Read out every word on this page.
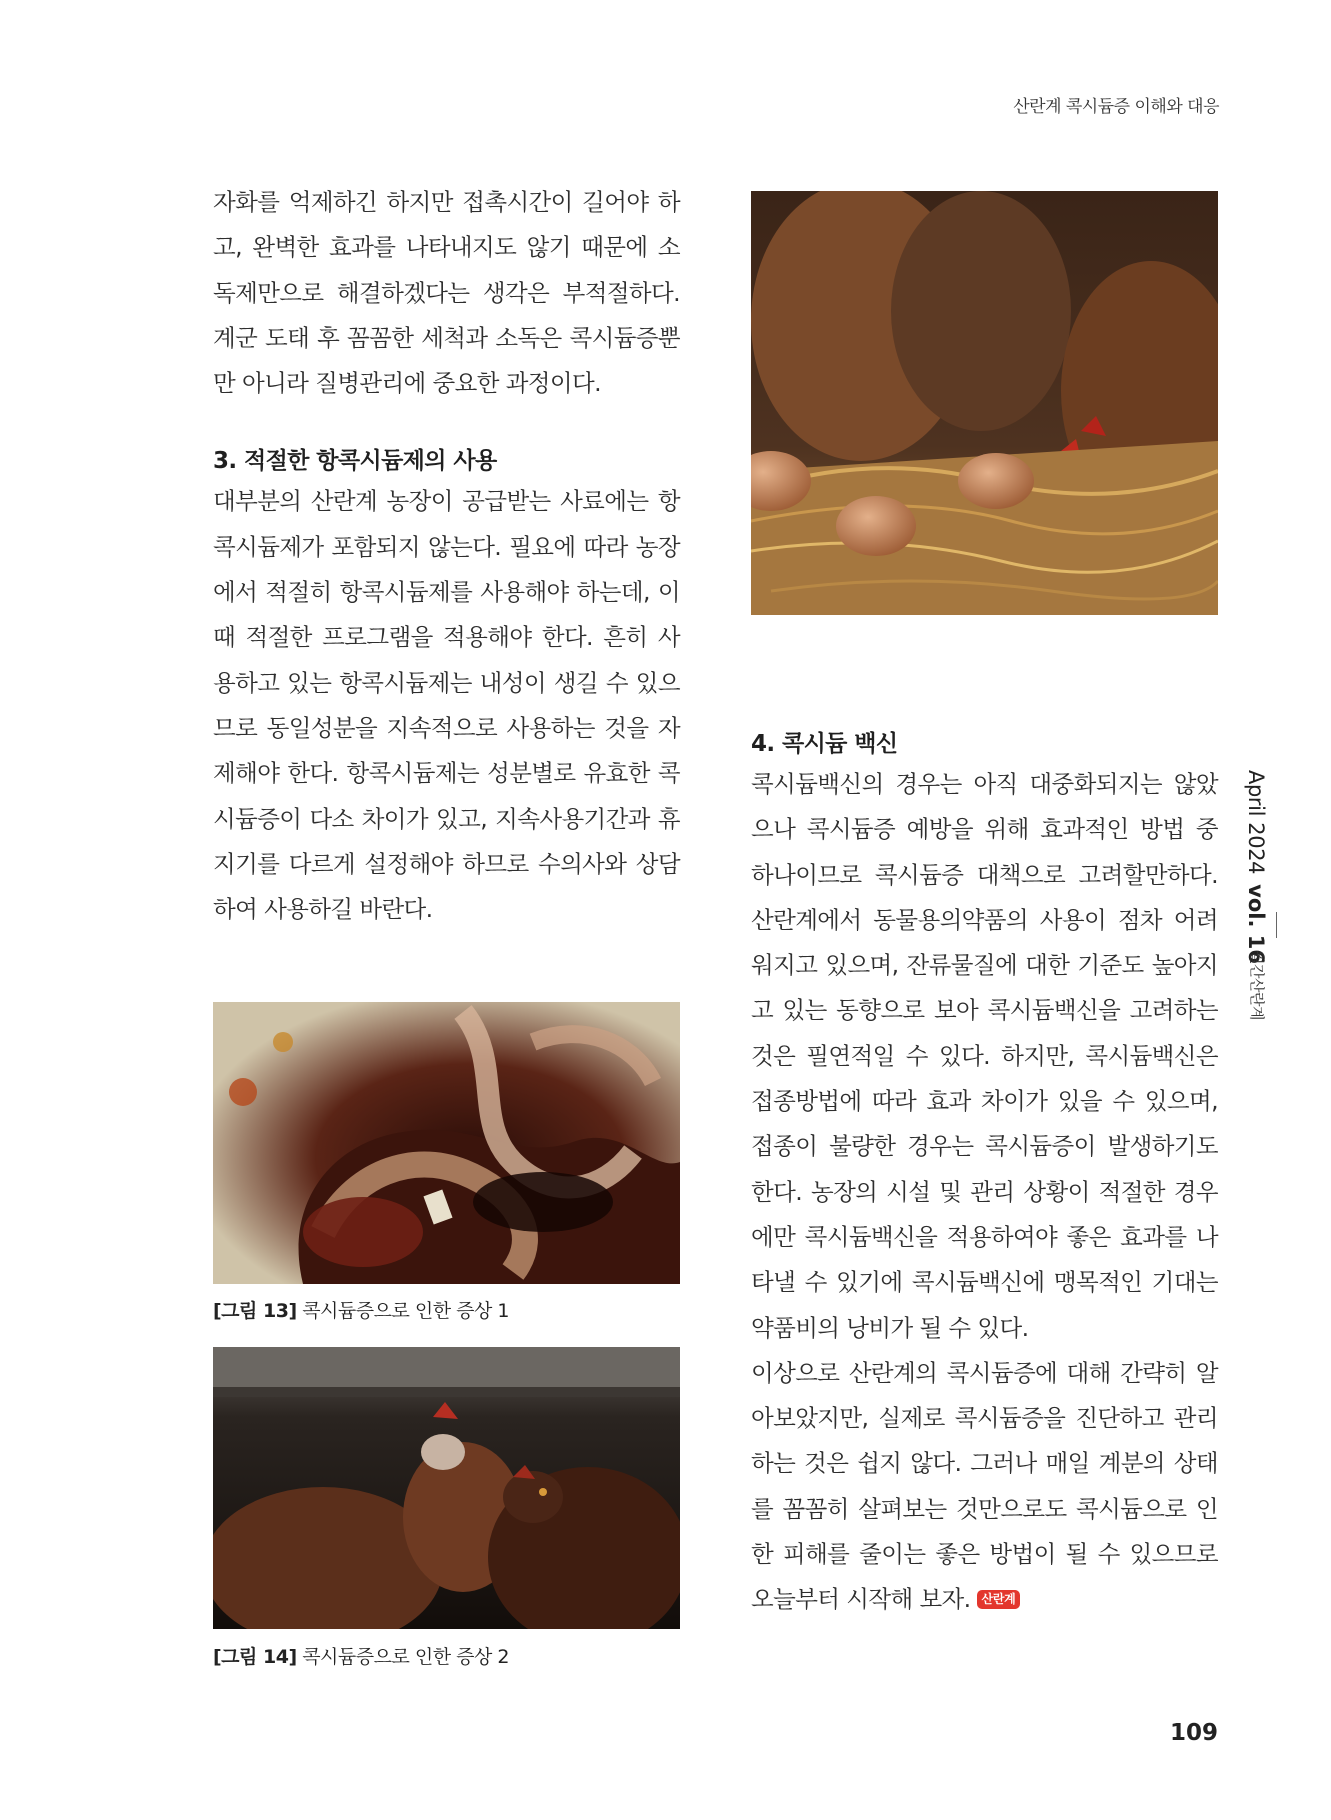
산란계 콕시듐증 이해와 대응

자화를 억제하긴 하지만 접촉시간이 길어야 하고, 완벽한 효과를 나타내지도 않기 때문에 소독제만으로 해결하겠다는 생각은 부적절하다. 계군 도태 후 꼼꼼한 세척과 소독은 콕시듐증뿐만 아니라 질병관리에 중요한 과정이다.

3. 적절한 항콕시듐제의 사용

대부분의 산란계 농장이 공급받는 사료에는 항콕시듐제가 포함되지 않는다. 필요에 따라 농장에서 적절히 항콕시듐제를 사용해야 하는데, 이때 적절한 프로그램을 적용해야 한다. 흔히 사용하고 있는 항콕시듐제는 내성이 생길 수 있으므로 동일성분을 지속적으로 사용하는 것을 자제해야 한다. 항콕시듐제는 성분별로 유효한 콕시듐증이 다소 차이가 있고, 지속사용기간과 휴지기를 다르게 설정해야 하므로 수의사와 상담하여 사용하길 바란다.

[그림 13] 콕시듐증으로 인한 증상 1
[그림 14] 콕시듐증으로 인한 증상 2
4. 콕시듐 백신

콕시듐백신의 경우는 아직 대중화되지는 않았으나 콕시듐증 예방을 위해 효과적인 방법 중 하나이므로 콕시듐증 대책으로 고려할만하다. 산란계에서 동물용의약품의 사용이 점차 어려워지고 있으며, 잔류물질에 대한 기준도 높아지고 있는 동향으로 보아 콕시듐백신을 고려하는 것은 필연적일 수 있다. 하지만, 콕시듐백신은 접종방법에 따라 효과 차이가 있을 수 있으며, 접종이 불량한 경우는 콕시듐증이 발생하기도 한다. 농장의 시설 및 관리 상황이 적절한 경우에만 콕시듐백신을 적용하여야 좋은 효과를 나타낼 수 있기에 콕시듐백신에 맹목적인 기대는 약품비의 낭비가 될 수 있다.

이상으로 산란계의 콕시듐증에 대해 간략히 알아보았지만, 실제로 콕시듐증을 진단하고 관리하는 것은 쉽지 않다. 그러나 매일 계분의 상태를 꼼꼼히 살펴보는 것만으로도 콕시듐으로 인한 피해를 줄이는 좋은 방법이 될 수 있으므로 오늘부터 시작해 보자. 산란계

April 2024vol. 16
월간산란계
109
